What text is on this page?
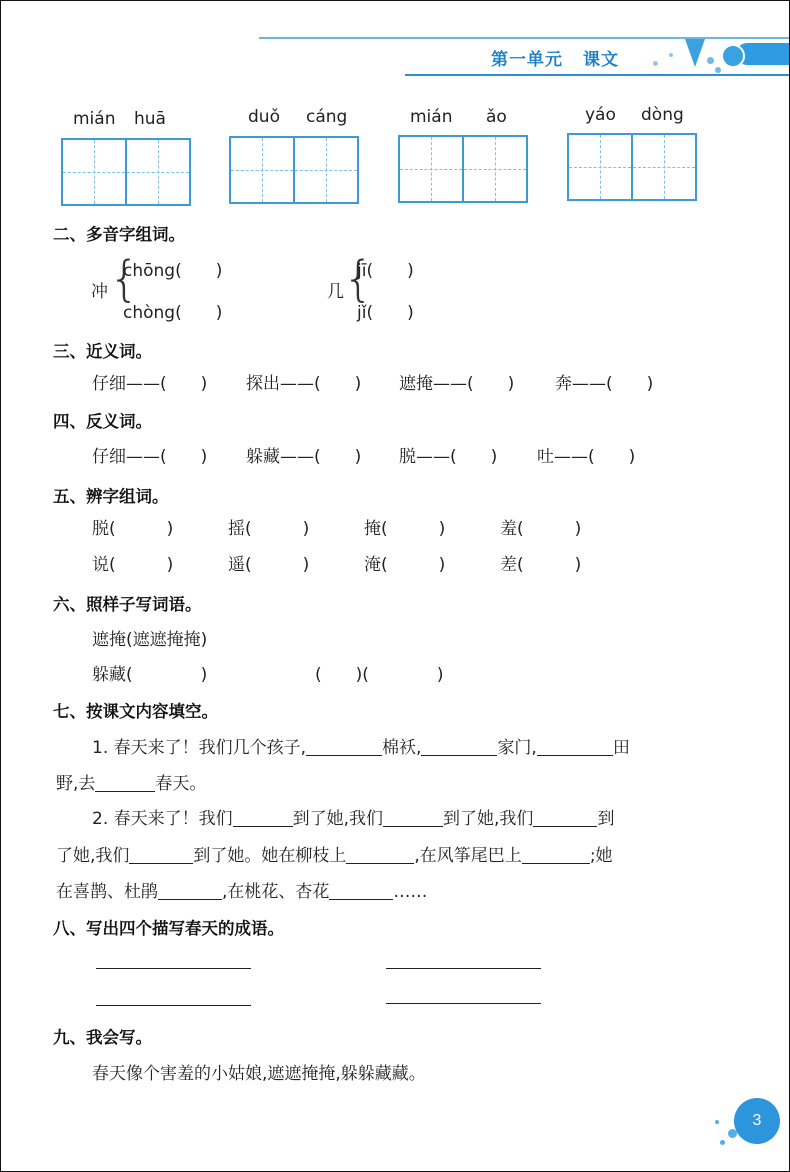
第一单元 课文
mián huā	duǒ cáng	mián ǎo	yáo dòng
二、多音字组词。
冲 {
chōng(　　)
chòng(　　)
几 {
jī(　　)
jǐ(　　)
三、近义词。
仔细——(　　) 探出——(　　) 遮掩——(　　) 奔——(　　)
四、反义词。
仔细——(　　) 躲藏——(　　) 脱——(　　) 吐——(　　)
五、辨字组词。
脱(　　　)	摇(　　　)	掩(　　　)	羞(　　　)
说(　　　)	遥(　　　)	淹(　　　)	差(　　　)
六、照样子写词语。
遮掩(遮遮掩掩)
躲藏(　　　　)	(　　)(　　　　)
七、按课文内容填空。
1. 春天来了！我们几个孩子,	棉袄,	家门,	田
野,去	春天。
2. 春天来了！我们	到了她,我们	到了她,我们	到
了她,我们	到了她。她在柳枝上	,在风筝尾巴上	;她
在喜鹊、杜鹃	,在桃花、杏花	……
八、写出四个描写春天的成语。
九、我会写。
春天像个害羞的小姑娘,遮遮掩掩,躲躲藏藏。
3
